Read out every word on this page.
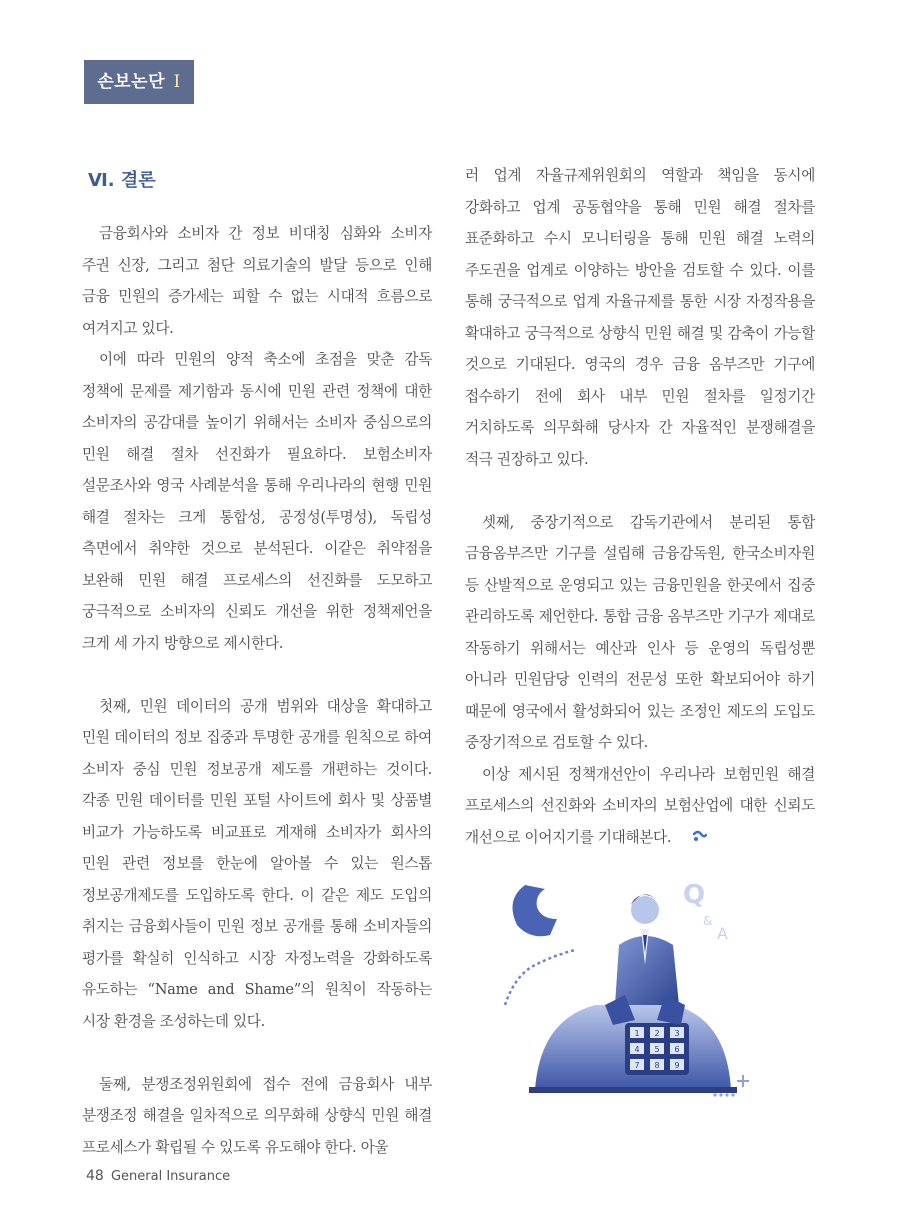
손보논단 I
Ⅵ. 결론

금융회사와 소비자 간 정보 비대칭 심화와 소비자 주권 신장, 그리고 첨단 의료기술의 발달 등으로 인해 금융 민원의 증가세는 피할 수 없는 시대적 흐름으로 여겨지고 있다.

이에 따라 민원의 양적 축소에 초점을 맞춘 감독 정책에 문제를 제기함과 동시에 민원 관련 정책에 대한 소비자의 공감대를 높이기 위해서는 소비자 중심으로의 민원 해결 절차 선진화가 필요하다. 보험소비자 설문조사와 영국 사례분석을 통해 우리나라의 현행 민원 해결 절차는 크게 통합성, 공정성(투명성), 독립성 측면에서 취약한 것으로 분석된다. 이같은 취약점을 보완해 민원 해결 프로세스의 선진화를 도모하고 궁극적으로 소비자의 신뢰도 개선을 위한 정책제언을 크게 세 가지 방향으로 제시한다.

첫째, 민원 데이터의 공개 범위와 대상을 확대하고 민원 데이터의 정보 집중과 투명한 공개를 원칙으로 하여 소비자 중심 민원 정보공개 제도를 개편하는 것이다. 각종 민원 데이터를 민원 포털 사이트에 회사 및 상품별 비교가 가능하도록 비교표로 게재해 소비자가 회사의 민원 관련 정보를 한눈에 알아볼 수 있는 원스톱 정보공개제도를 도입하도록 한다. 이 같은 제도 도입의 취지는 금융회사들이 민원 정보 공개를 통해 소비자들의 평가를 확실히 인식하고 시장 자정노력을 강화하도록 유도하는 “Name and Shame”의 원칙이 작동하는 시장 환경을 조성하는데 있다.

둘째, 분쟁조정위원회에 접수 전에 금융회사 내부 분쟁조정 해결을 일차적으로 의무화해 상향식 민원 해결 프로세스가 확립될 수 있도록 유도해야 한다. 아울

러 업계 자율규제위원회의 역할과 책임을 동시에 강화하고 업계 공동협약을 통해 민원 해결 절차를 표준화하고 수시 모니터링을 통해 민원 해결 노력의 주도권을 업계로 이양하는 방안을 검토할 수 있다. 이를 통해 궁극적으로 업계 자율규제를 통한 시장 자정작용을 확대하고 궁극적으로 상향식 민원 해결 및 감축이 가능할 것으로 기대된다. 영국의 경우 금융 옴부즈만 기구에 접수하기 전에 회사 내부 민원 절차를 일정기간 거치하도록 의무화해 당사자 간 자율적인 분쟁해결을 적극 권장하고 있다.

셋째, 중장기적으로 감독기관에서 분리된 통합 금융옴부즈만 기구를 설립해 금융감독원, 한국소비자원 등 산발적으로 운영되고 있는 금융민원을 한곳에서 집중 관리하도록 제언한다. 통합 금융 옴부즈만 기구가 제대로 작동하기 위해서는 예산과 인사 등 운영의 독립성뿐 아니라 민원담당 인력의 전문성 또한 확보되어야 하기 때문에 영국에서 활성화되어 있는 조정인 제도의 도입도 중장기적으로 검토할 수 있다.

이상 제시된 정책개선안이 우리나라 보험민원 해결 프로세스의 선진화와 소비자의 보험산업에 대한 신뢰도 개선으로 이어지기를 기대해본다.

1 2 3
4 5 6
7 8 9
Q
&
A
48 General Insurance
